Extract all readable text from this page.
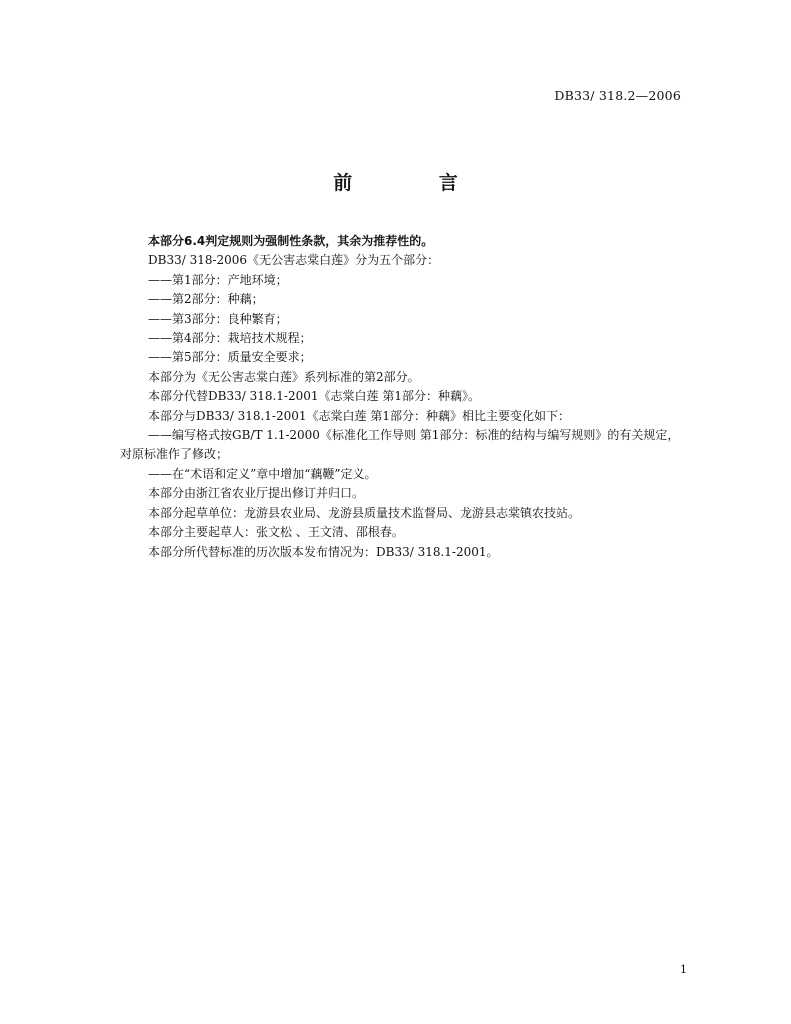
DB33/ 318.2—2006
前 言

本部分6.4判定规则为强制性条款，其余为推荐性的。

DB33/ 318-2006《无公害志棠白莲》分为五个部分：

——第1部分：产地环境；

——第2部分：种藕；

——第3部分：良种繁育；

——第4部分：栽培技术规程；

——第5部分：质量安全要求；

本部分为《无公害志棠白莲》系列标准的第2部分。

本部分代替DB33/ 318.1-2001《志棠白莲 第1部分：种藕》。

本部分与DB33/ 318.1-2001《志棠白莲 第1部分：种藕》相比主要变化如下：

——编写格式按GB/T 1.1-2000《标准化工作导则 第1部分：标准的结构与编写规则》的有关规定，对原标准作了修改；

——在“术语和定义”章中增加“藕鞭”定义。

本部分由浙江省农业厅提出修订并归口。

本部分起草单位：龙游县农业局、龙游县质量技术监督局、龙游县志棠镇农技站。

本部分主要起草人：张文松 、王文清、邵根春。

本部分所代替标准的历次版本发布情况为：DB33/ 318.1-2001。

1
